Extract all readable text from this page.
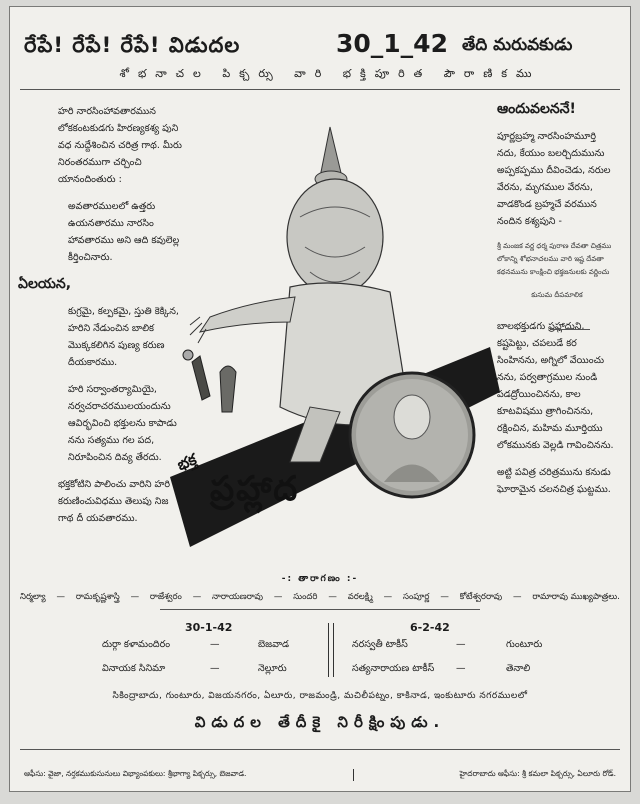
రేపే! రేపే! రేపే! విడుదల	30_1_42 తేది మరువకుడు
శోభనాచల పిక్చర్సు వారి భక్తిపూరిత పౌరాణికము

హరి నారసింహావతారమున లోకకంటకుడగు హిరణ్యకశ్య పుని వధ నుద్దేశించిన చరిత్ర గాథ. మీరు నిరంతరముగా చర్చించి యానందింతురు :

అవతారములలో ఉత్తరు ఉయనతారము నారసిం హావతారము అని ఆది కవులెల్ల కీర్తించినారు.

ఏలయన,

కుగ్రమై, కల్పకమై, స్తుతి కెక్కిన, హరిని నేడుంచిన బాలిక మొక్కకలిగిన పుణ్య కరుణ దీయకారము.

హరి సర్వాంతర్యామియై, నర్వచరాచరములయందును ఆవిర్భవించి భక్తులను కాపాడు నను సత్యము గల పద, నిరూపించిన దివ్య తేరదు.

భక్తకోటిని పాలించు వారిని హరి కరుణించువిధము తెలుపు నిజ గాథ దీ యవతారము.

ఆందువలననే!

పూర్ణబ్రహ్మ నారసింహమూర్తి నదు, కేయుం బలర్చిదుమును అప్పకప్పము దీవించెడు, నరుల వేరను, మృగముల వేరను, వాడకొండ బ్రహ్మచే వరమున నందిన కశ్యపుని -

శ్రీ మంజక వర్ణ ధర్మ పురాణ దేవతా చిత్రము లోకాన్ని శోభనాచలము వారి ఇష్ట దేవతా కథనమును కాంక్షించి భక్తజనులకు వర్ణించు

కుసుమ దీపమాలిక

బాలభక్తుడగు ప్రహ్లాదుని, కష్టపెట్టు, చపలుడే కర సింహినను, అగ్నిలో వేయించు నను, పర్వతాగ్రముల నుండి పడద్రోయించినను, కాల కూటవిషము త్రాగించినను, రక్షించిన, మహిమ మూర్తియు లోకమునకు వెల్లడి గావించినను.

అట్టి పవిత్ర చరిత్రమును కనుడు ఘోరామైన చలనచిత్ర ఘట్టము.

భక్త
ప్రహ్లాద
-: తారాగణం :-
నిర్మల్యా — రామకృష్ణశాస్త్రి — రాజేశ్వరం — నారాయణరావు — సుందరి — వరలక్ష్మి — సంపూర్ణ — కోటేశ్వరరావు — రామారావు ముఖ్యపాత్రలు.
30-1-42	6-2-42
దుర్గా కళామందిరం	—	బెజవాడ
వినాయక సినిమా	—	నెల్లూరు
నరస్వతీ టాకీస్	—	గుంటూరు
సత్యనారాయణ టాకీస్ —	తెనాలి
సికింద్రాబాదు, గుంటూరు, విజయనగరం, ఏలూరు, రాజమండ్రి, మచిలీపట్నం, కాకినాడ, ఇంకుటూరు నగరములలో
విడుదల తేదీకై నిరీక్షింపుడు.
ఆఫీసు: వైజా, నర్తకముకుసునులు విభ్యాంపకులు: శ్రీభాగ్యా పిక్చర్సు, బెజవాడ.	హైదరాబాదు ఆఫీసు: శ్రీ కమలా పిక్చర్సు, ఏలూరు రోడ్.
